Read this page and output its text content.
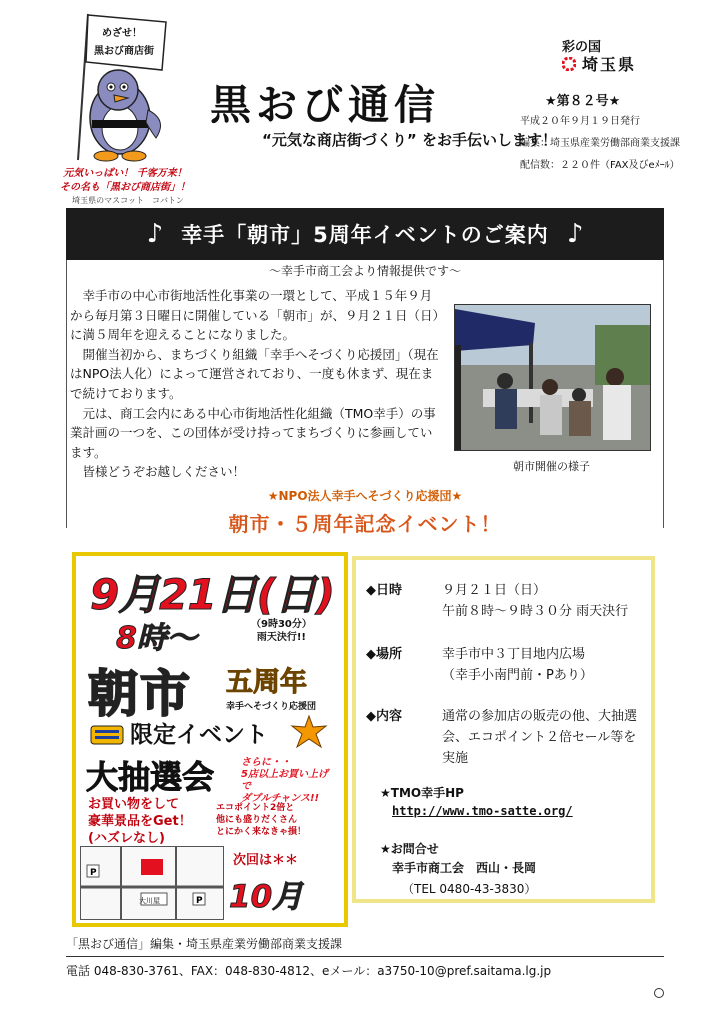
めざせ！
黒おび商店街
元気いっぱい！ 千客万来！
その名も「黒おび商店街」！
埼玉県のマスコット　コバトン
黒おび通信
“元気な商店街づくり” をお手伝いします！
彩の国
埼玉県
★第８２号★
平成２０年９月１９日発行
編集：埼玉県産業労働部商業支援課
配信数：２２０件（FAX及びeﾒｰﾙ）
♪ 幸手「朝市」5周年イベントのご案内 ♪
～幸手市商工会より情報提供です～

幸手市の中心市街地活性化事業の一環として、平成１５年９月から毎月第３日曜日に開催している「朝市」が、９月２１日（日）に満５周年を迎えることになりました。

開催当初から、まちづくり組織「幸手へそづくり応援団」（現在はNPO法人化）によって運営されており、一度も休まず、現在まで続けております。

元は、商工会内にある中心市街地活性化組織（TMO幸手）の事業計画の一つを、この団体が受け持ってまちづくりに参画しています。

皆様どうぞお越しください！	朝市開催の様子
★NPO法人幸手へそづくり応援団★
朝市・５周年記念イベント！
9月21日(日)
8時～	（9時30分）
雨天決行!!
朝市 五周年
幸手へそづくり応援団
限定イベント
大抽選会	さらに・・
5店以上お買い上げで
ダブルチャンス!!
お買い物をして
豪華景品をGet！
(ハズレなし)
エコポイント2倍と
他にも盛りだくさん
とにかく来なきゃ損！
P
P
大川屋
次回は＊＊
10月
◆日時	９月２１日（日）
午前８時～９時３０分 雨天決行
◆場所	幸手市中３丁目地内広場
（幸手小南門前・Pあり）
◆内容	通常の参加店の販売の他、大抽選会、エコポイント２倍セール等を実施
★TMO幸手HP
http://www.tmo-satte.org/
★お問合せ
幸手市商工会　西山・長岡
（TEL 0480-43-3830）
「黒おび通信」編集・埼玉県産業労働部商業支援課
電話 048-830-3761、FAX：048-830-4812、eメール：a3750-10@pref.saitama.lg.jp
